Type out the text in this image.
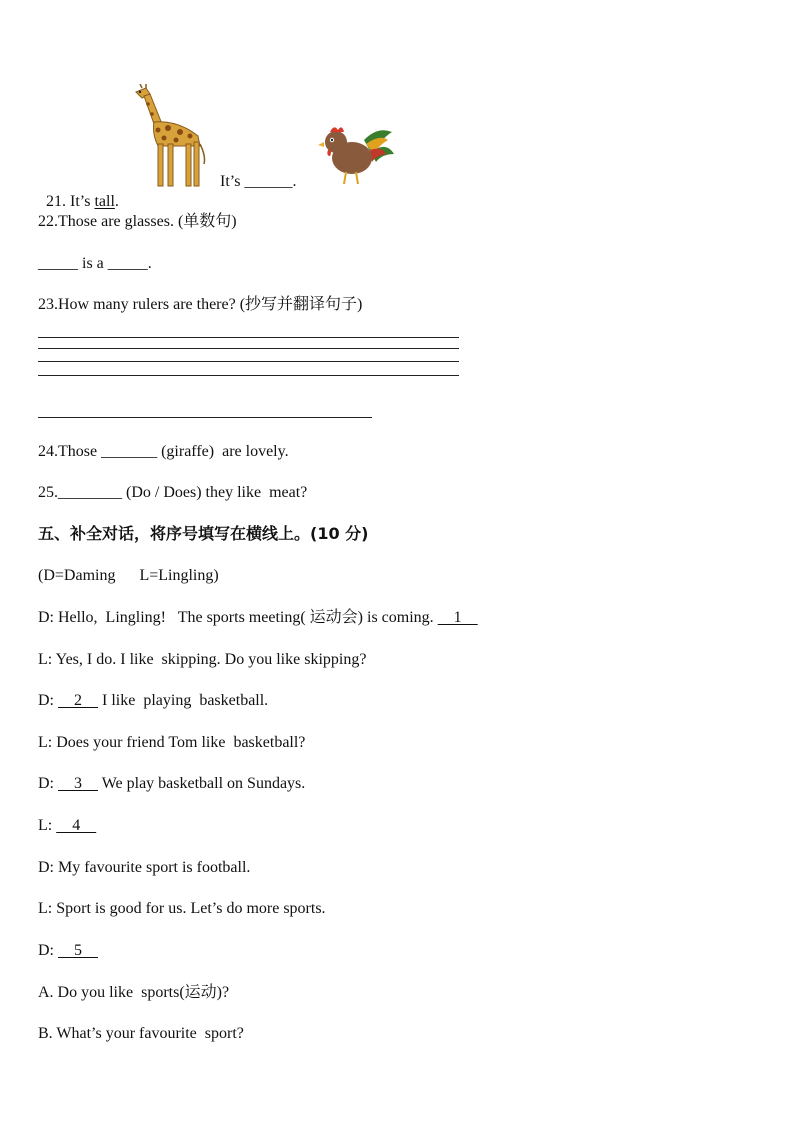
21. It’s tall.

It’s ______.
22.Those are glasses. (单数句)
_____ is a _____.
23.How many rulers are there? (抄写并翻译句子)
24.Those _______ (giraffe)  are lovely.
25.________ (Do / Does) they like  meat?
五、补全对话，将序号填写在横线上。(10 分)
(D=Daming      L=Lingling)
D: Hello,  Lingling!   The sports meeting( 运动会) is coming.     1
L: Yes, I do. I like  skipping. Do you like skipping?
D:     2     I like  playing  basketball.
L: Does your friend Tom like  basketball?
D:     3     We play basketball on Sundays.
L:     4
D: My favourite sport is football.
L: Sport is good for us. Let’s do more sports.
D:     5
A. Do you like  sports(运动)?
B. What’s your favourite  sport?
